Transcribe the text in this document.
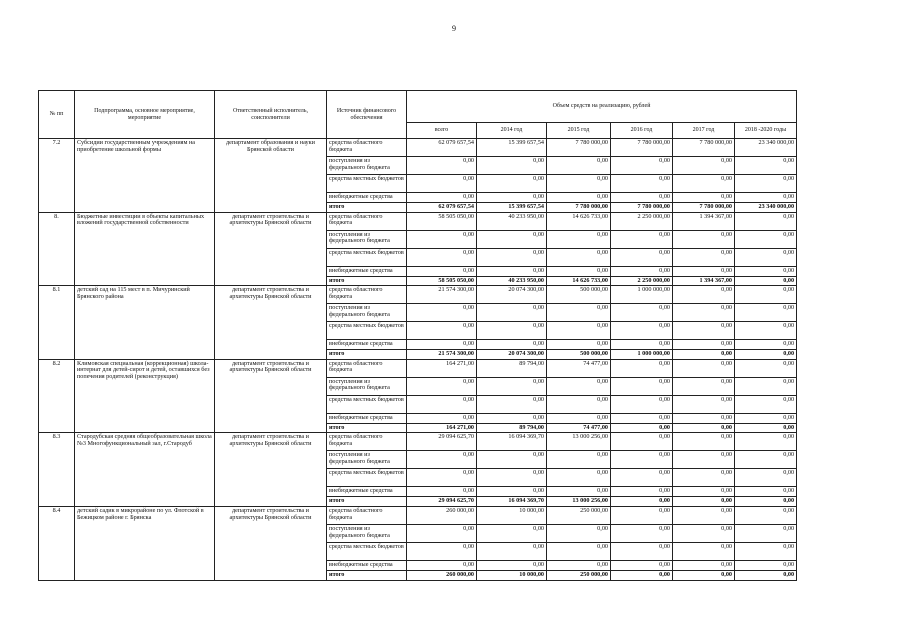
9
№ пп	Подпрограмма, основное мероприятие, мероприятие	Ответственный исполнитель, соисполнители	Источник финансового обеспечения	Объем средств на реализацию, рублей					
				всего	2014 год	2015 год	2016 год	2017 год	2018 -2020 годы
7.2	Субсидии государственным учреждениям на приобретение школьной формы	департамент образования и науки Брянской области	средства областного бюджета	62 079 657,54	15 399 657,54	7 780 000,00	7 780 000,00	7 780 000,00	23 340 000,00
			поступления из федерального бюджета	0,00	0,00	0,00	0,00	0,00	0,00
			средства местных бюджетов	0,00	0,00	0,00	0,00	0,00	0,00
			внебюджетные средства	0,00	0,00	0,00	0,00	0,00	0,00
			итого	62 079 657,54	15 399 657,54	7 780 000,00	7 780 000,00	7 780 000,00	23 340 000,00
8.	Бюджетные инвестиции в объекты капитальных вложений государственной собственности	департамент строительства и архитектуры Брянской области	средства областного бюджета	58 505 050,00	40 233 950,00	14 626 733,00	2 250 000,00	1 394 367,00	0,00
			поступления из федерального бюджета	0,00	0,00	0,00	0,00	0,00	0,00
			средства местных бюджетов	0,00	0,00	0,00	0,00	0,00	0,00
			внебюджетные средства	0,00	0,00	0,00	0,00	0,00	0,00
			итого	58 505 050,00	40 233 950,00	14 626 733,00	2 250 000,00	1 394 367,00	0,00
8.1	детский сад на 115 мест в п. Мичуринский Брянского района	департамент строительства и архитектуры Брянской области	средства областного бюджета	21 574 300,00	20 074 300,00	500 000,00	1 000 000,00	0,00	0,00
			поступления из федерального бюджета	0,00	0,00	0,00	0,00	0,00	0,00
			средства местных бюджетов	0,00	0,00	0,00	0,00	0,00	0,00
			внебюджетные средства	0,00	0,00	0,00	0,00	0,00	0,00
			итого	21 574 300,00	20 074 300,00	500 000,00	1 000 000,00	0,00	0,00
8.2	Климовская специальная (коррекционная) школа-интернат для детей-сирот и детей, оставшихся без попечения родителей (реконструкция)	департамент строительства и архитектуры Брянской области	средства областного бюджета	164 271,00	89 794,00	74 477,00	0,00	0,00	0,00
			поступления из федерального бюджета	0,00	0,00	0,00	0,00	0,00	0,00
			средства местных бюджетов	0,00	0,00	0,00	0,00	0,00	0,00
			внебюджетные средства	0,00	0,00	0,00	0,00	0,00	0,00
			итого	164 271,00	89 794,00	74 477,00	0,00	0,00	0,00
8.3	Стародубская средняя общеобразовательная школа №3 Многофункциональный зал, г.Стародуб	департамент строительства и архитектуры Брянской области	средства областного бюджета	29 094 625,70	16 094 369,70	13 000 256,00	0,00	0,00	0,00
			поступления из федерального бюджета	0,00	0,00	0,00	0,00	0,00	0,00
			средства местных бюджетов	0,00	0,00	0,00	0,00	0,00	0,00
			внебюджетные средства	0,00	0,00	0,00	0,00	0,00	0,00
			итого	29 094 625,70	16 094 369,70	13 000 256,00	0,00	0,00	0,00
8.4	детский садик в микрорайоне по ул. Флотской в Бежицком районе г. Брянска	департамент строительства и архитектуры Брянской области	средства областного бюджета	260 000,00	10 000,00	250 000,00	0,00	0,00	0,00
			поступления из федерального бюджета	0,00	0,00	0,00	0,00	0,00	0,00
			средства местных бюджетов	0,00	0,00	0,00	0,00	0,00	0,00
			внебюджетные средства	0,00	0,00	0,00	0,00	0,00	0,00
			итого	260 000,00	10 000,00	250 000,00	0,00	0,00	0,00
